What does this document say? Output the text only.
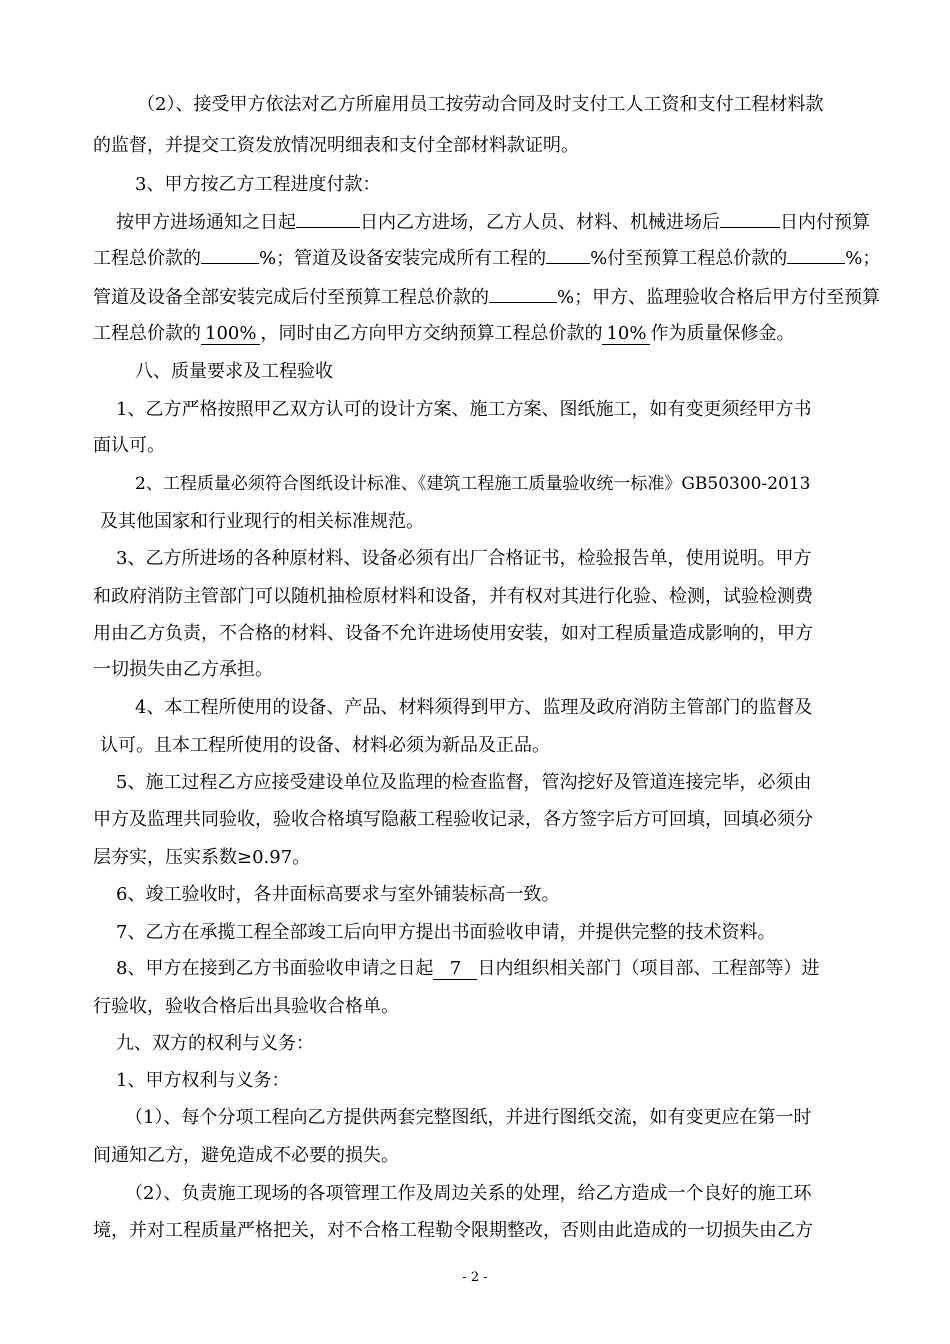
（2）、接受甲方依法对乙方所雇用员工按劳动合同及时支付工人工资和支付工程材料款
的监督，并提交工资发放情况明细表和支付全部材料款证明。
3、甲方按乙方工程进度付款：
按甲方进场通知之日起	日内乙方进场，乙方人员、材料、机械进场后	日内付预算
工程总价款的	%；管道及设备安装完成所有工程的 %付至预算工程总价款的	%；
管道及设备全部安装完成后付至预算工程总价款的	%；甲方、监理验收合格后甲方付至预算
工程总价款的 100% ，同时由乙方向甲方交纳预算工程总价款的 10% 作为质量保修金。
八、质量要求及工程验收
1、乙方严格按照甲乙双方认可的设计方案、施工方案、图纸施工，如有变更须经甲方书
面认可。
2、工程质量必须符合图纸设计标准、《建筑工程施工质量验收统一标准》GB50300-2013
及其他国家和行业现行的相关标准规范。
3、乙方所进场的各种原材料、设备必须有出厂合格证书，检验报告单，使用说明。甲方
和政府消防主管部门可以随机抽检原材料和设备，并有权对其进行化验、检测，试验检测费
用由乙方负责，不合格的材料、设备不允许进场使用安装，如对工程质量造成影响的，甲方
一切损失由乙方承担。
4、本工程所使用的设备、产品、材料须得到甲方、监理及政府消防主管部门的监督及
认可。且本工程所使用的设备、材料必须为新品及正品。
5、施工过程乙方应接受建设单位及监理的检查监督，管沟挖好及管道连接完毕，必须由
甲方及监理共同验收，验收合格填写隐蔽工程验收记录，各方签字后方可回填，回填必须分
层夯实，压实系数≥0.97。
6、竣工验收时，各井面标高要求与室外铺装标高一致。
7、乙方在承揽工程全部竣工后向甲方提出书面验收申请，并提供完整的技术资料。
8、甲方在接到乙方书面验收申请之日起 7 日内组织相关部门（项目部、工程部等）进
行验收，验收合格后出具验收合格单。
九、双方的权利与义务：
1、甲方权利与义务：
（1）、每个分项工程向乙方提供两套完整图纸，并进行图纸交流，如有变更应在第一时
间通知乙方，避免造成不必要的损失。
（2）、负责施工现场的各项管理工作及周边关系的处理，给乙方造成一个良好的施工环
境，并对工程质量严格把关，对不合格工程勒令限期整改，否则由此造成的一切损失由乙方
- 2 -
